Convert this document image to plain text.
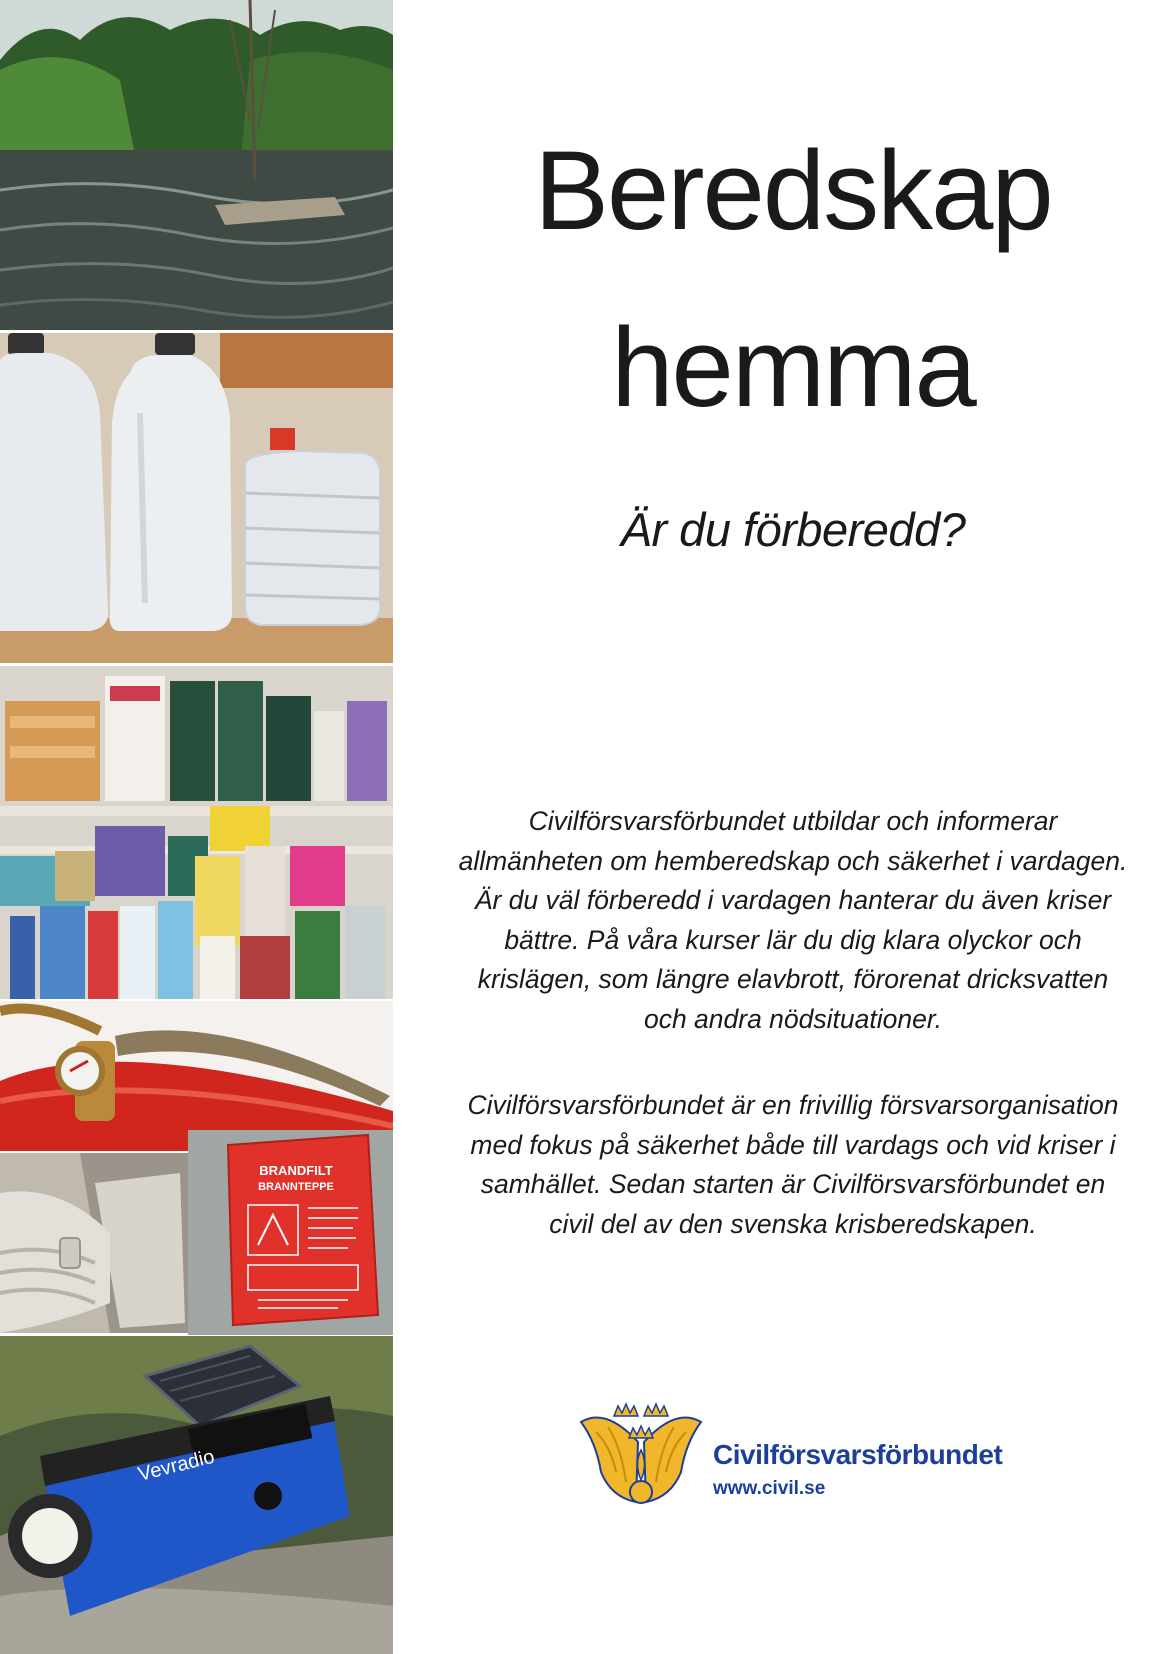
BRANDFILT
BRANNTEPPE
Vevradio
Beredskap
hemma
Är du förberedd?

Civilförsvarsförbundet utbildar och informerar allmänheten om hemberedskap och säkerhet i vardagen. Är du väl förberedd i vardagen hanterar du även kriser bättre. På våra kurser lär du dig klara olyckor och krislägen, som längre elavbrott, förorenat dricksvatten och andra nödsituationer.

Civilförsvarsförbundet är en frivillig försvarsorganisation med fokus på säkerhet både till vardags och vid kriser i samhället. Sedan starten är Civilförsvarsförbundet en civil del av den svenska krisberedskapen.

Civilförsvarsförbundet
www.civil.se
